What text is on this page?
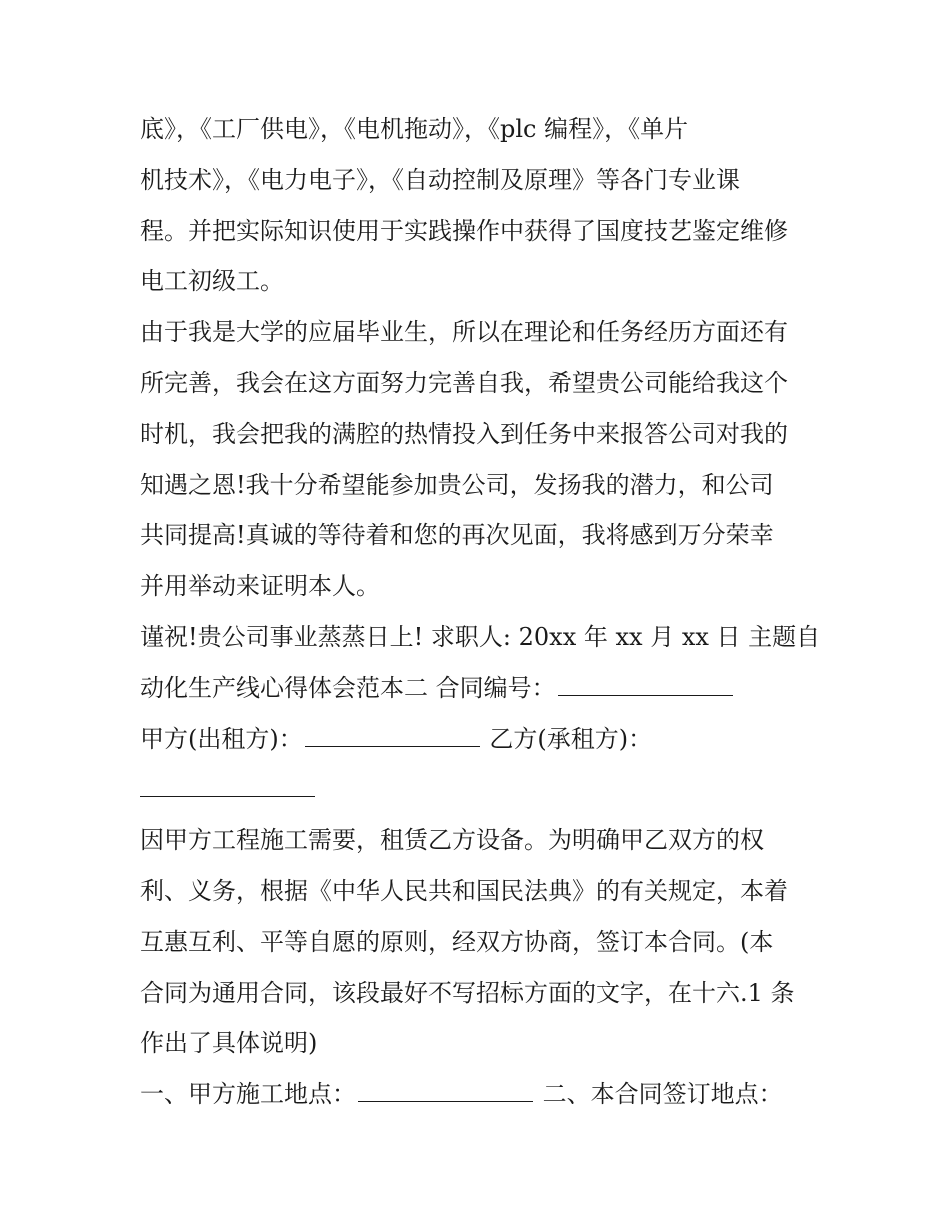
底》，《工厂供电》，《电机拖动》，《plc 编程》，《单片
机技术》，《电力电子》，《自动控制及原理》等各门专业课
程。并把实际知识使用于实践操作中获得了国度技艺鉴定维修
电工初级工。
由于我是大学的应届毕业生，所以在理论和任务经历方面还有
所完善，我会在这方面努力完善自我，希望贵公司能给我这个
时机，我会把我的满腔的热情投入到任务中来报答公司对我的
知遇之恩!我十分希望能参加贵公司，发扬我的潜力，和公司
共同提高!真诚的等待着和您的再次见面，我将感到万分荣幸
并用举动来证明本人。
谨祝!贵公司事业蒸蒸日上! 求职人: 20xx 年 xx 月 xx 日 主题自
动化生产线心得体会范本二 合同编号：
甲方(出租方)：	乙方(承租方)：
因甲方工程施工需要，租赁乙方设备。为明确甲乙双方的权
利、义务，根据《中华人民共和国民法典》的有关规定，本着
互惠互利、平等自愿的原则，经双方协商，签订本合同。(本
合同为通用合同，该段最好不写招标方面的文字，在十六.1 条
作出了具体说明)
一、甲方施工地点：	二、本合同签订地点：
